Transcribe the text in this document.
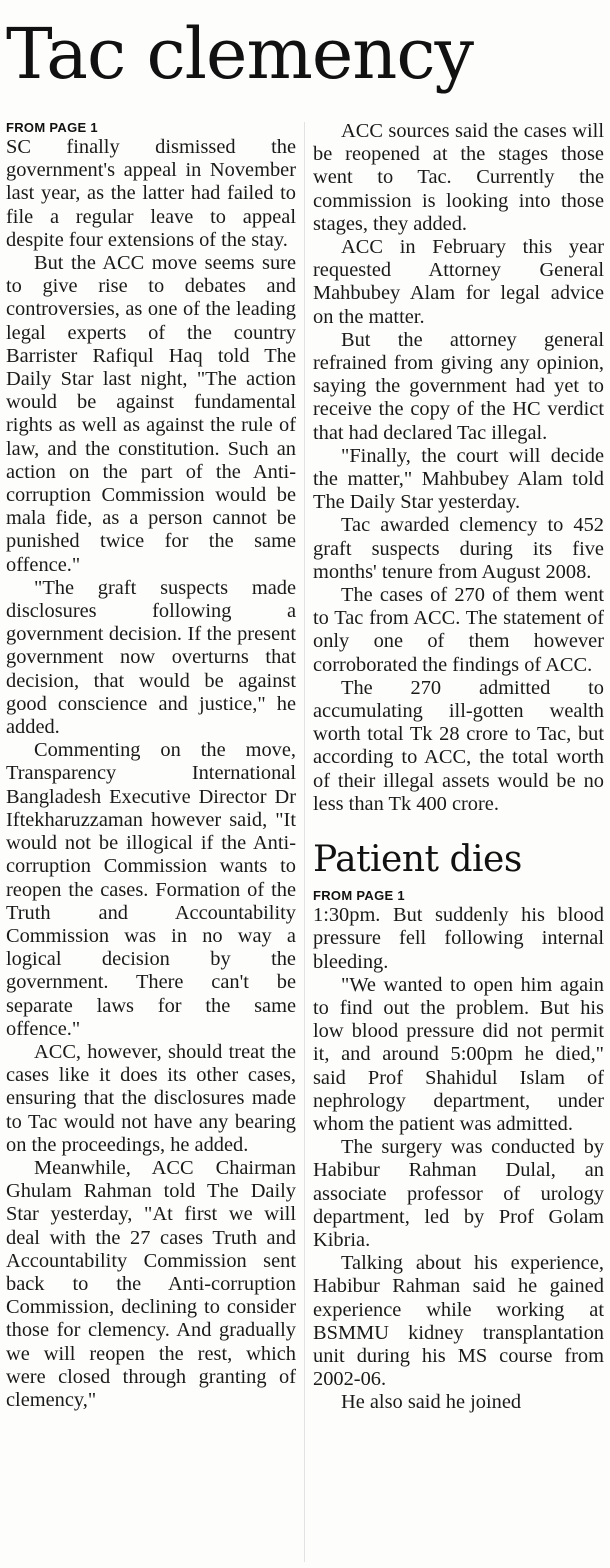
Tac clemency
FROM PAGE 1

SC finally dismissed the government's appeal in November last year, as the latter had failed to file a regular leave to appeal despite four extensions of the stay.

But the ACC move seems sure to give rise to debates and controversies, as one of the leading legal experts of the country Barrister Rafiqul Haq told The Daily Star last night, "The action would be against fundamental rights as well as against the rule of law, and the constitution. Such an action on the part of the Anti-corruption Commission would be mala fide, as a person cannot be punished twice for the same offence."

"The graft suspects made disclosures following a government decision. If the present government now overturns that decision, that would be against good conscience and justice," he added.

Commenting on the move, Transparency International Bangladesh Executive Director Dr Iftekharuzzaman however said, "It would not be illogical if the Anti-corruption Commission wants to reopen the cases. Formation of the Truth and Accountability Commission was in no way a logical decision by the government. There can't be separate laws for the same offence."

ACC, however, should treat the cases like it does its other cases, ensuring that the disclosures made to Tac would not have any bearing on the proceedings, he added.

Meanwhile, ACC Chairman Ghulam Rahman told The Daily Star yesterday, "At first we will deal with the 27 cases Truth and Accountability Commission sent back to the Anti-corruption Commission, declining to consider those for clemency. And gradually we will reopen the rest, which were closed through granting of clemency,"

ACC sources said the cases will be reopened at the stages those went to Tac. Currently the commission is looking into those stages, they added.

ACC in February this year requested Attorney General Mahbubey Alam for legal advice on the matter.

But the attorney general refrained from giving any opinion, saying the government had yet to receive the copy of the HC verdict that had declared Tac illegal.

"Finally, the court will decide the matter," Mahbubey Alam told The Daily Star yesterday.

Tac awarded clemency to 452 graft suspects during its five months' tenure from August 2008.

The cases of 270 of them went to Tac from ACC. The statement of only one of them however corroborated the findings of ACC.

The 270 admitted to accumulating ill-gotten wealth worth total Tk 28 crore to Tac, but according to ACC, the total worth of their illegal assets would be no less than Tk 400 crore.

Patient dies
FROM PAGE 1

1:30pm. But suddenly his blood pressure fell following internal bleeding.

"We wanted to open him again to find out the problem. But his low blood pressure did not permit it, and around 5:00pm he died," said Prof Shahidul Islam of nephrology department, under whom the patient was admitted.

The surgery was conducted by Habibur Rahman Dulal, an associate professor of urology department, led by Prof Golam Kibria.

Talking about his experience, Habibur Rahman said he gained experience while working at BSMMU kidney transplantation unit during his MS course from 2002-06.

He also said he joined
